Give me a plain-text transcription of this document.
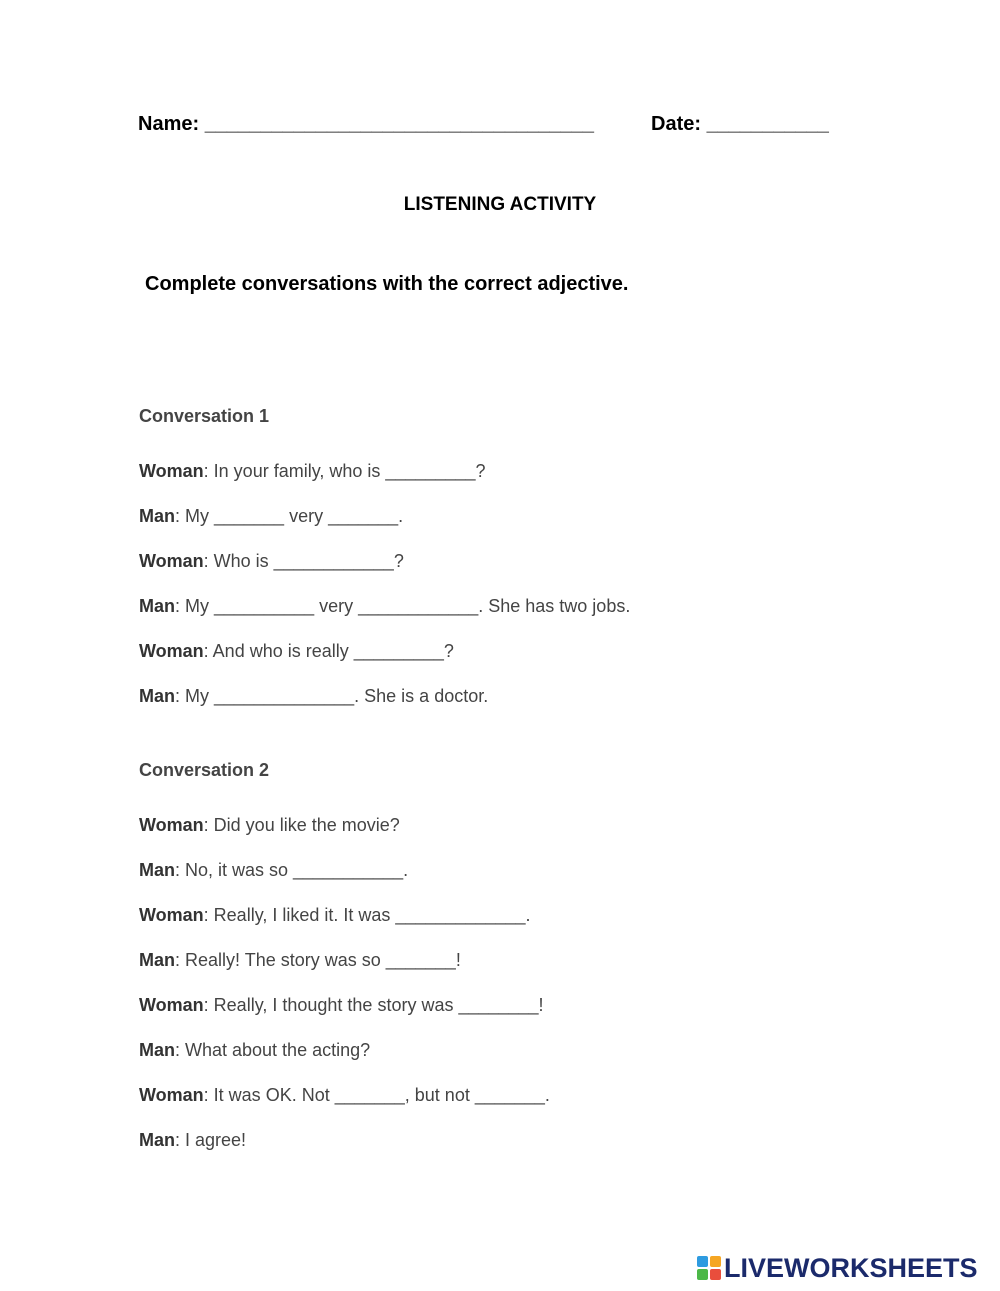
Name: ___________________________________	Date: ___________
LISTENING ACTIVITY
Complete conversations with the correct adjective.
Conversation 1
Woman: In your family, who is _________?
Man: My _______ very _______.
Woman: Who is ____________?
Man: My __________ very ____________. She has two jobs.
Woman: And who is really _________?
Man: My ______________. She is a doctor.
Conversation 2
Woman: Did you like the movie?
Man: No, it was so ___________.
Woman: Really, I liked it. It was _____________.
Man: Really! The story was so _______!
Woman: Really, I thought the story was ________!
Man: What about the acting?
Woman: It was OK. Not _______, but not _______.
Man: I agree!
LIVEWORKSHEETS
